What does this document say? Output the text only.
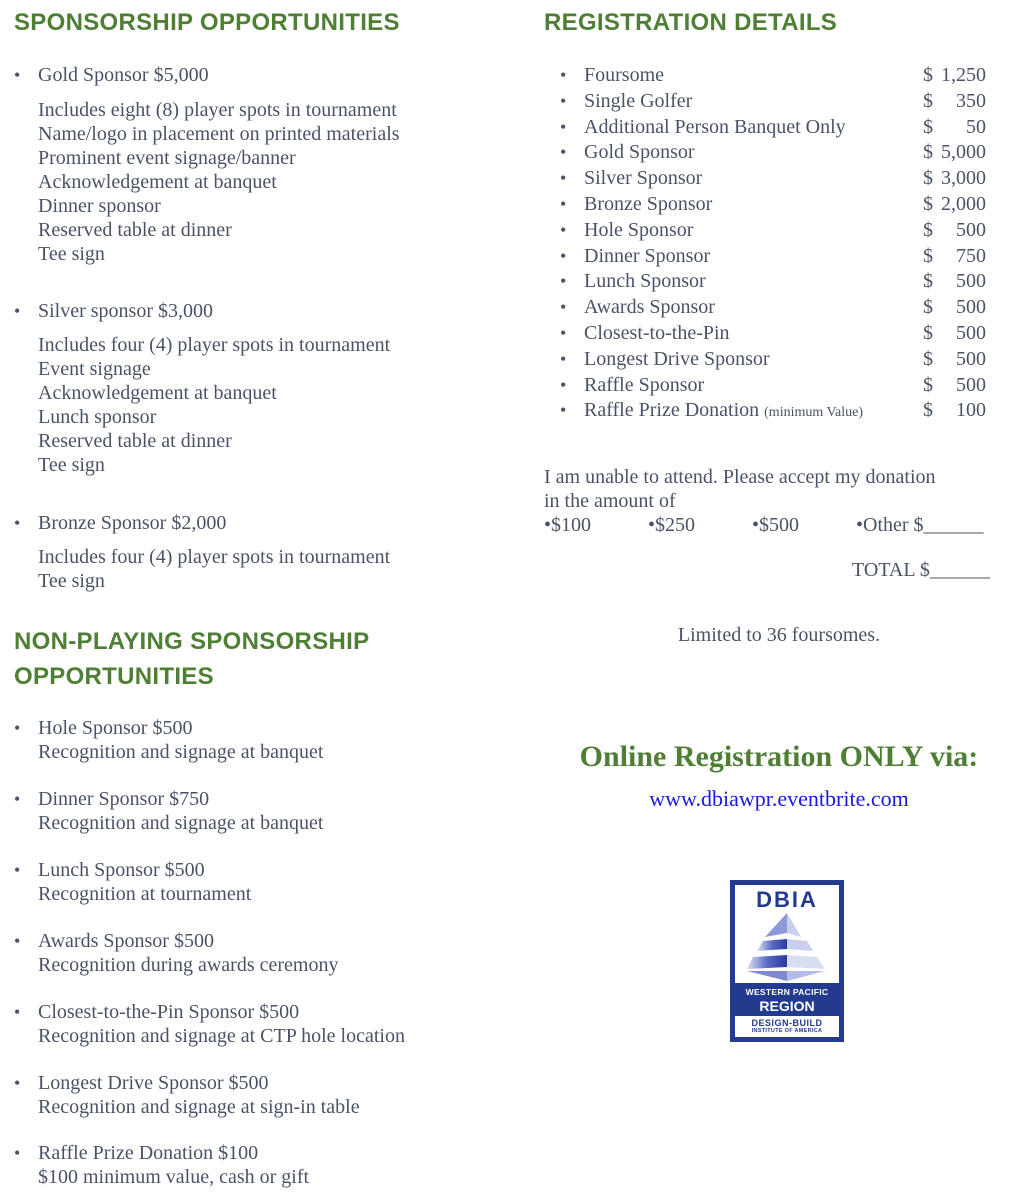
SPONSORSHIP OPPORTUNITIES
• Gold Sponsor $5,000
Includes eight (8) player spots in tournament
Name/logo in placement on printed materials
Prominent event signage/banner
Acknowledgement at banquet
Dinner sponsor
Reserved table at dinner
Tee sign
• Silver sponsor $3,000
Includes four (4) player spots in tournament
Event signage
Acknowledgement at banquet
Lunch sponsor
Reserved table at dinner
Tee sign
• Bronze Sponsor $2,000
Includes four (4) player spots in tournament
Tee sign
NON-PLAYING SPONSORSHIP
OPPORTUNITIES
• Hole Sponsor $500
Recognition and signage at banquet
• Dinner Sponsor $750
Recognition and signage at banquet
• Lunch Sponsor $500
Recognition at tournament
• Awards Sponsor $500
Recognition during awards ceremony
• Closest-to-the-Pin Sponsor $500
Recognition and signage at CTP hole location
• Longest Drive Sponsor $500
Recognition and signage at sign-in table
• Raffle Prize Donation $100
$100 minimum value, cash or gift
REGISTRATION DETAILS
• Foursome	$ 1,250
• Single Golfer	$ 350
• Additional Person Banquet Only	$ 50
• Gold Sponsor	$ 5,000
• Silver Sponsor	$ 3,000
• Bronze Sponsor	$ 2,000
• Hole Sponsor	$ 500
• Dinner Sponsor	$ 750
• Lunch Sponsor	$ 500
• Awards Sponsor	$ 500
• Closest-to-the-Pin	$ 500
• Longest Drive Sponsor	$ 500
• Raffle Sponsor	$ 500
• Raffle Prize Donation (minimum Value)	$ 100
I am unable to attend. Please accept my donation
in the amount of
•$100	•$250	•$500	•Other $______
TOTAL $______
Limited to 36 foursomes.
Online Registration ONLY via:
www.dbiawpr.eventbrite.com
DBIA
WESTERN PACIFIC
REGION
DESIGN-BUILD
INSTITUTE OF AMERICA
